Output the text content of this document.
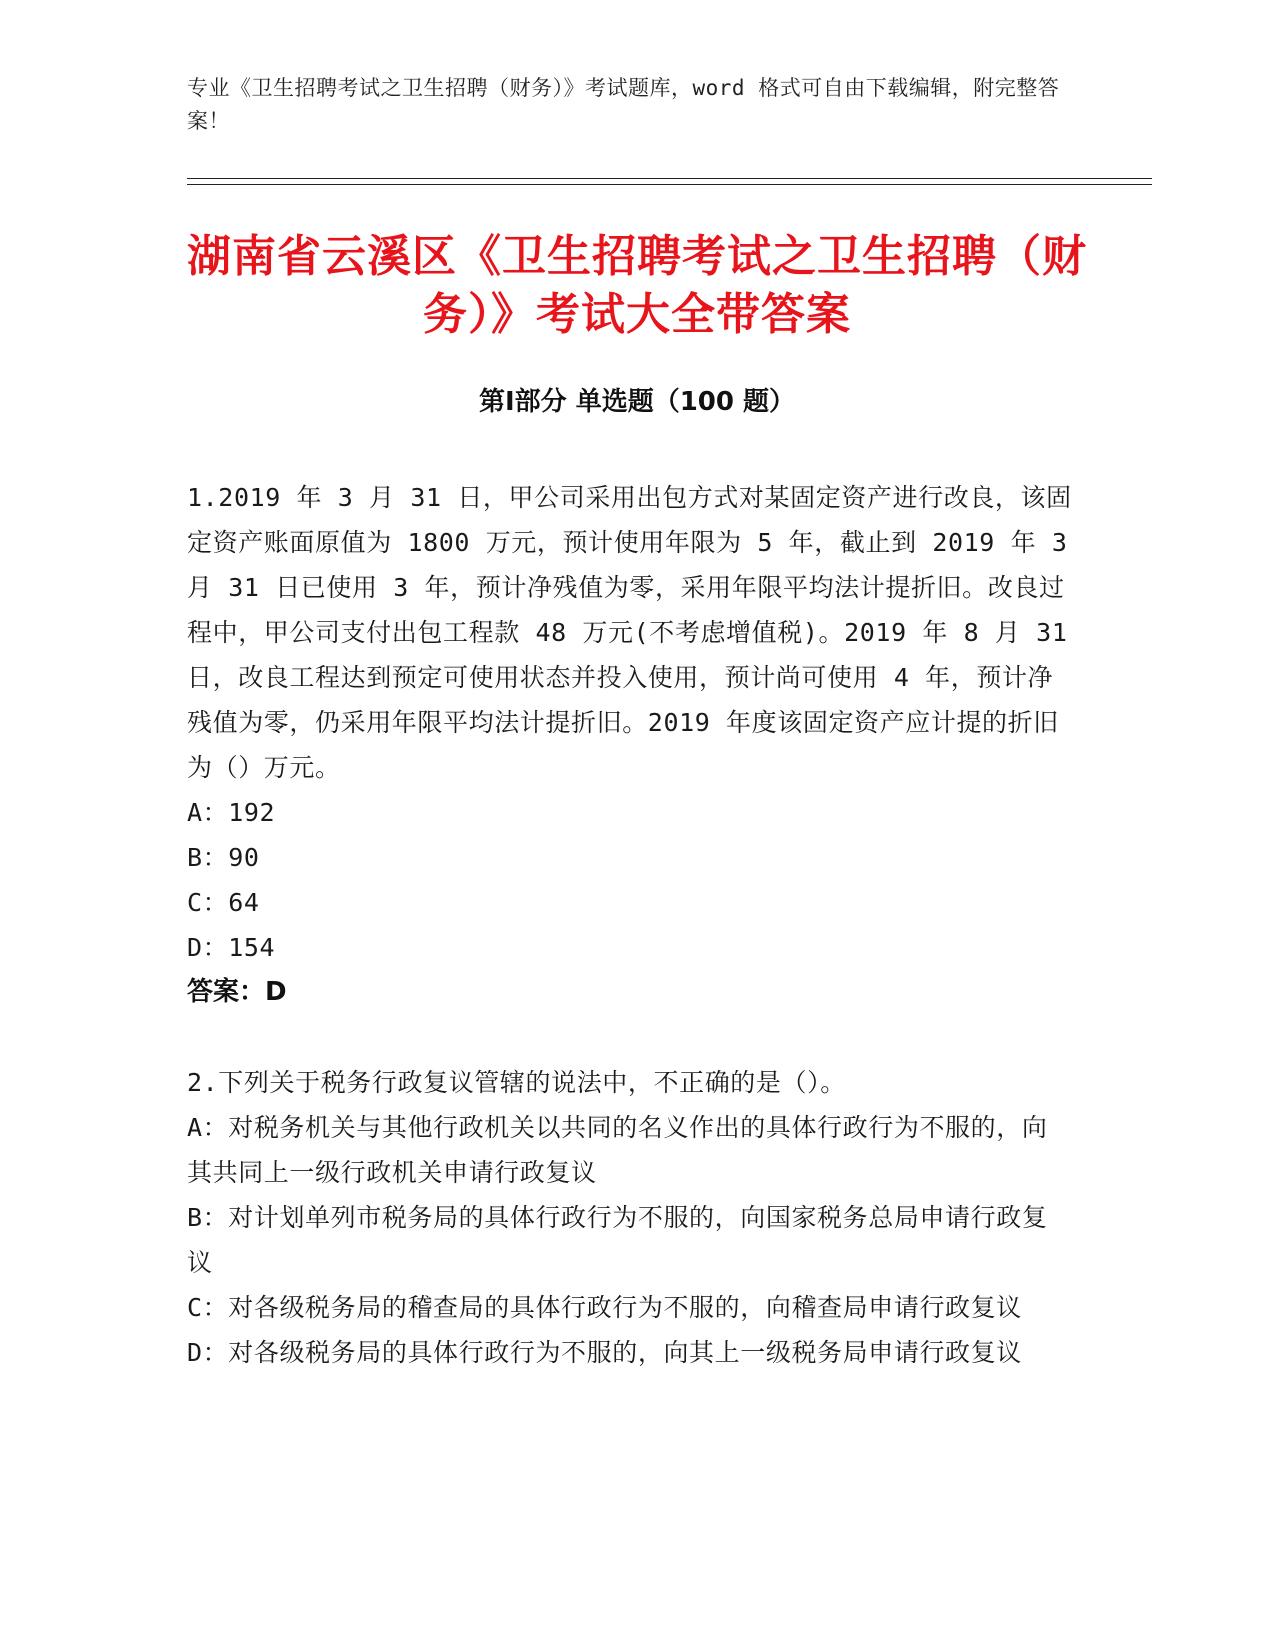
专业《卫生招聘考试之卫生招聘（财务）》考试题库，word 格式可自由下载编辑，附完整答案！
湖南省云溪区《卫生招聘考试之卫生招聘（财务）》考试大全带答案
第Ⅰ部分 单选题（100 题）

1.2019 年 3 月 31 日，甲公司采用出包方式对某固定资产进行改良，该固定资产账面原值为 1800 万元，预计使用年限为 5 年，截止到 2019 年 3 月 31 日已使用 3 年，预计净残值为零，采用年限平均法计提折旧。改良过程中，甲公司支付出包工程款 48 万元(不考虑增值税)。2019 年 8 月 31 日，改良工程达到预定可使用状态并投入使用，预计尚可使用 4 年，预计净残值为零，仍采用年限平均法计提折旧。2019 年度该固定资产应计提的折旧为（）万元。

A：192

B：90

C：64

D：154

答案：D

2.下列关于税务行政复议管辖的说法中，不正确的是（）。

A：对税务机关与其他行政机关以共同的名义作出的具体行政行为不服的，向其共同上一级行政机关申请行政复议

B：对计划单列市税务局的具体行政行为不服的，向国家税务总局申请行政复议

C：对各级税务局的稽查局的具体行政行为不服的，向稽查局申请行政复议

D：对各级税务局的具体行政行为不服的，向其上一级税务局申请行政复议
